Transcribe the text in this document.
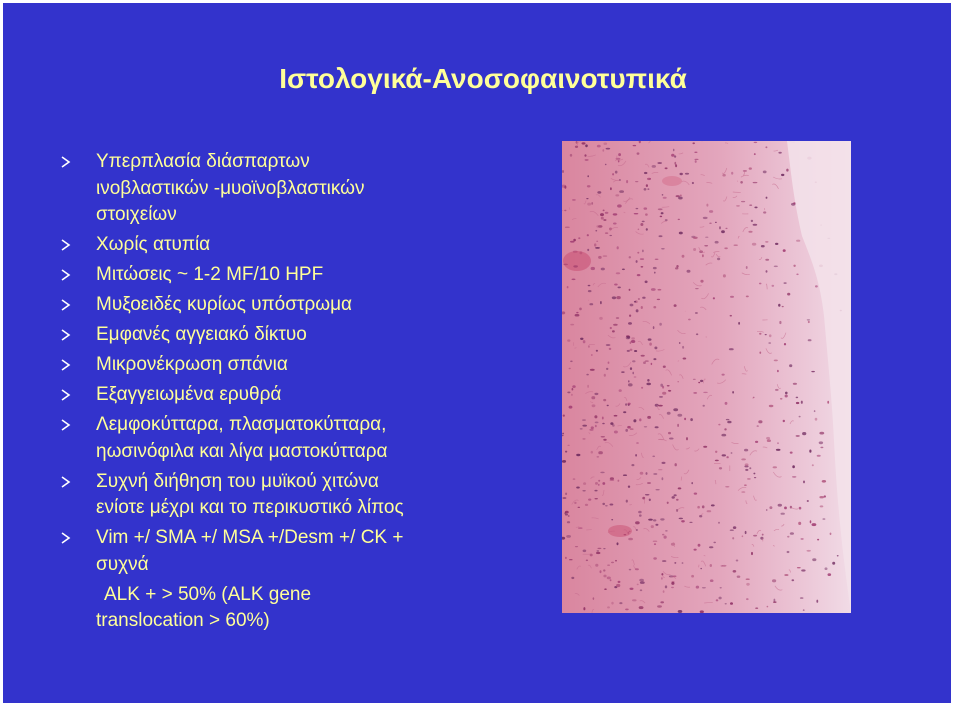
Ιστολογικά-Ανοσοφαινοτυπικά
Υπερπλασία διάσπαρτων
ινοβλαστικών -μυοϊνοβλαστικών
στοιχείων
Χωρίς ατυπία
Μιτώσεις ~ 1-2 MF/10 HPF
Μυξοειδές κυρίως υπόστρωμα
Εμφανές αγγειακό δίκτυο
Μικρονέκρωση σπάνια
Εξαγγειωμένα ερυθρά
Λεμφοκύτταρα, πλασματοκύτταρα,
ηωσινόφιλα και λίγα μαστοκύτταρα
Συχνή διήθηση του μυϊκού χιτώνα
ενίοτε μέχρι και το περικυστικό λίπος
Vim +/ SMA +/ MSA +/Desm +/ CK +
συχνά
ALK + > 50% (ALK gene
translocation > 60%)
